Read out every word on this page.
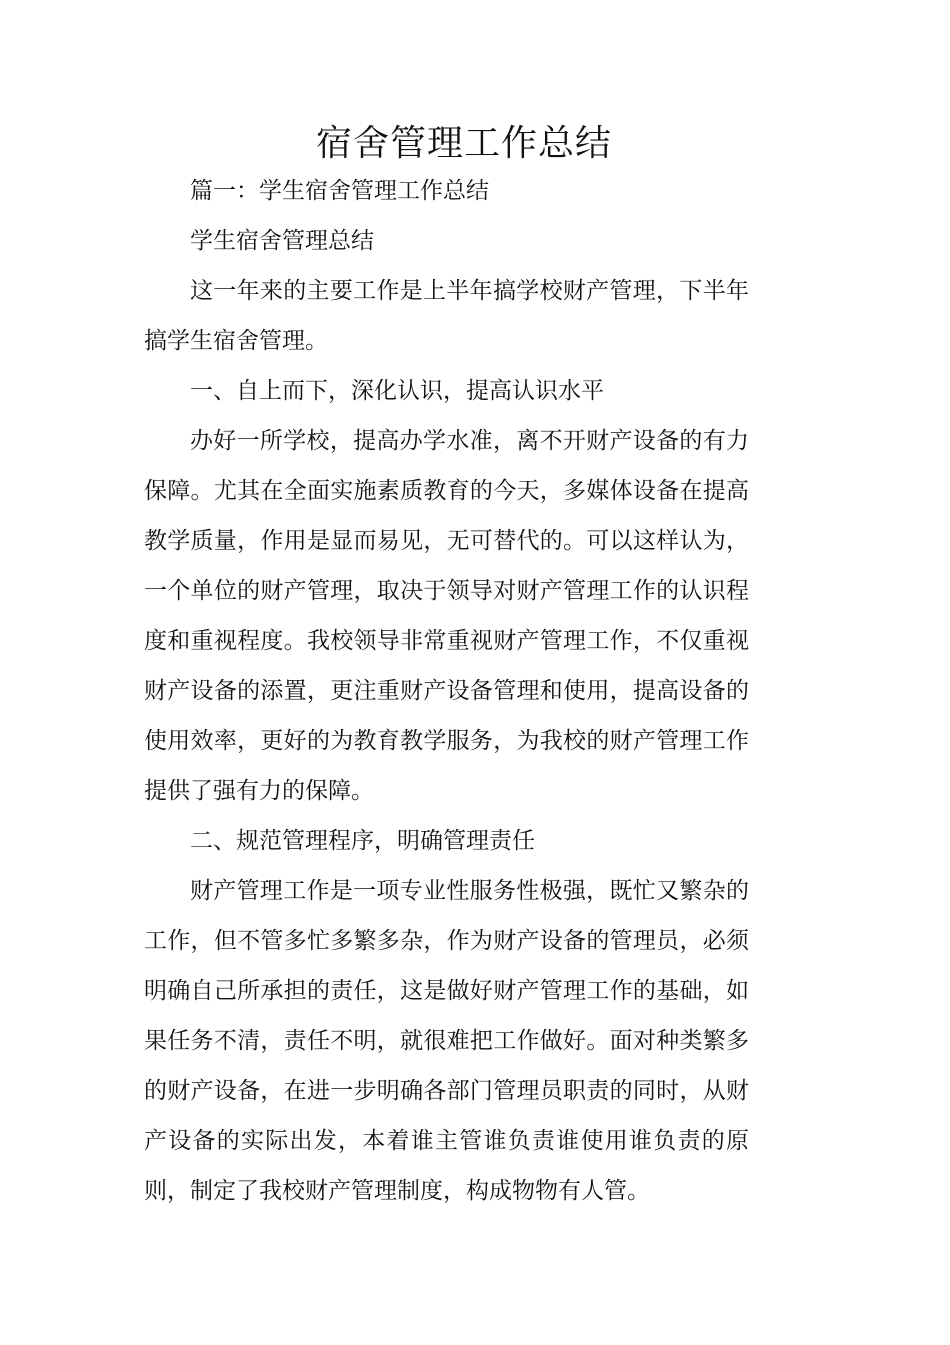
宿舍管理工作总结

篇一：学生宿舍管理工作总结

学生宿舍管理总结

这一年来的主要工作是上半年搞学校财产管理，下半年搞学生宿舍管理。

一、自上而下，深化认识，提高认识水平

办好一所学校，提高办学水准，离不开财产设备的有力保障。尤其在全面实施素质教育的今天，多媒体设备在提高教学质量，作用是显而易见，无可替代的。可以这样认为，一个单位的财产管理，取决于领导对财产管理工作的认识程度和重视程度。我校领导非常重视财产管理工作，不仅重视财产设备的添置，更注重财产设备管理和使用，提高设备的使用效率，更好的为教育教学服务，为我校的财产管理工作提供了强有力的保障。

二、规范管理程序，明确管理责任

财产管理工作是一项专业性服务性极强，既忙又繁杂的工作，但不管多忙多繁多杂，作为财产设备的管理员，必须明确自己所承担的责任，这是做好财产管理工作的基础，如果任务不清，责任不明，就很难把工作做好。面对种类繁多的财产设备，在进一步明确各部门管理员职责的同时，从财产设备的实际出发，本着谁主管谁负责谁使用谁负责的原则，制定了我校财产管理制度，构成物物有人管。
